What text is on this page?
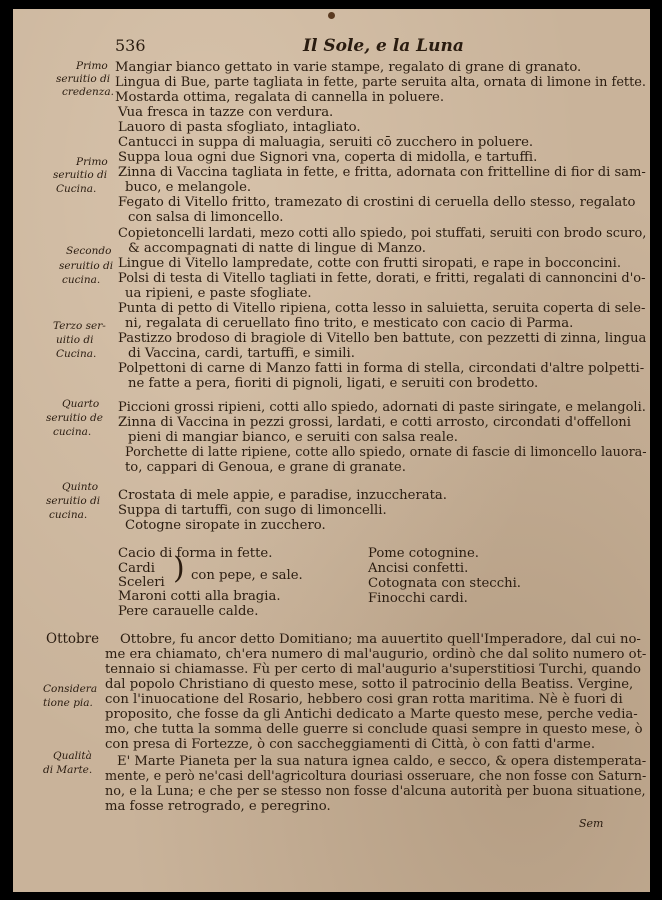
536	Il Sole, e la Luna
Primo
seruitio di
credenza.
Primo
seruitio di
Cucina.
Secondo
seruitio di
cucina.
Terzo ser-
uitio di
Cucina.
Quarto
seruitio de
cucina.
Quinto
seruitio di
cucina.
Ottobre
Considera
tione pia.
Qualità
di Marte.
Mangiar bianco gettato in varie stampe, regalato di grane di granato.
Lingua di Bue, parte tagliata in fette, parte seruita alta, ornata di limone in fette.
Mostarda ottima, regalata di cannella in poluere.
Vua fresca in tazze con verdura.
Lauoro di pasta sfogliato, intagliato.
Cantucci in suppa di maluagia, seruiti cō zucchero in poluere.
Suppa loua ogni due Signori vna, coperta di midolla, e tartuffi.
Zinna di Vaccina tagliata in fette, e fritta, adornata con frittelline di fior di sam-
buco, e melangole.
Fegato di Vitello fritto, tramezato di crostini di ceruella dello stesso, regalato
con salsa di limoncello.
Copietoncelli lardati, mezo cotti allo spiedo, poi stuffati, seruiti con brodo scuro,
& accompagnati di natte di lingue di Manzo.
Lingue di Vitello lampredate, cotte con frutti siropati, e rape in bocconcini.
Polsi di testa di Vitello tagliati in fette, dorati, e fritti, regalati di cannoncini d'o-
ua ripieni, e paste sfogliate.
Punta di petto di Vitello ripiena, cotta lesso in saluietta, seruita coperta di sele-
ni, regalata di ceruellato fino trito, e mesticato con cacio di Parma.
Pastizzo brodoso di bragiole di Vitello ben battute, con pezzetti di zinna, lingua
di Vaccina, cardi, tartuffi, e simili.
Polpettoni di carne di Manzo fatti in forma di stella, circondati d'altre polpetti-
ne fatte a pera, fioriti di pignoli, ligati, e seruiti con brodetto.
Piccioni grossi ripieni, cotti allo spiedo, adornati di paste siringate, e melangoli.
Zinna di Vaccina in pezzi grossi, lardati, e cotti arrosto, circondati d'offelloni
pieni di mangiar bianco, e seruiti con salsa reale.
Porchette di latte ripiene, cotte allo spiedo, ornate di fascie di limoncello lauora-
to, cappari di Genoua, e grane di granate.
Crostata di mele appie, e paradise, inzuccherata.
Suppa di tartuffi, con sugo di limoncelli.
Cotogne siropate in zucchero.
Cacio di forma in fette.
Cardi
Sceleri ) con pepe, e sale.
Maroni cotti alla bragia.
Pere carauelle calde.
Pome cotognine.
Ancisi confetti.
Cotognata con stecchi.
Finocchi cardi.
Ottobre, fu ancor detto Domitiano; ma auuertito quell'Imperadore, dal cui no-
me era chiamato, ch'era numero di mal'augurio, ordinò che dal solito numero ot-
tennaio si chiamasse. Fù per certo di mal'augurio a'superstitiosi Turchi, quando
dal popolo Christiano di questo mese, sotto il patrocinio della Beatiss. Vergine,
con l'inuocatione del Rosario, hebbero cosi gran rotta maritima. Nè è fuori di
proposito, che fosse da gli Antichi dedicato a Marte questo mese, perche vedia-
mo, che tutta la somma delle guerre si conclude quasi sempre in questo mese, ò
con presa di Fortezze, ò con saccheggiamenti di Città, ò con fatti d'arme.
E' Marte Pianeta per la sua natura ignea caldo, e secco, & opera distemperata-
mente, e però ne'casi dell'agricoltura douriasi osseruare, che non fosse con Saturn-
no, e la Luna; e che per se stesso non fosse d'alcuna autorità per buona situatione,
ma fosse retrogrado, e peregrino.
Sem
